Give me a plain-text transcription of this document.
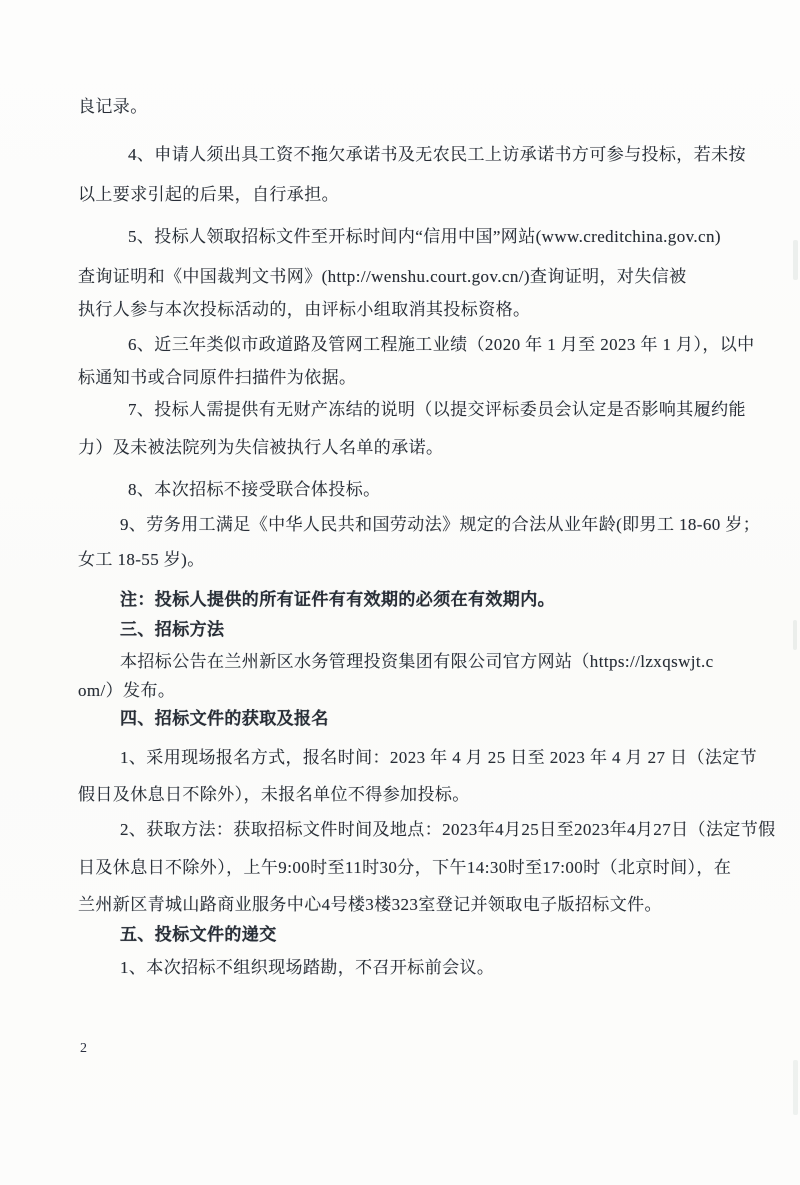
良记录。
4、申请人须出具工资不拖欠承诺书及无农民工上访承诺书方可参与投标，若未按
以上要求引起的后果，自行承担。
5、投标人领取招标文件至开标时间内“信用中国”网站(www.creditchina.gov.cn)
查询证明和《中国裁判文书网》(http://wenshu.court.gov.cn/)查询证明，对失信被
执行人参与本次投标活动的，由评标小组取消其投标资格。
6、近三年类似市政道路及管网工程施工业绩（2020 年 1 月至 2023 年 1 月），以中
标通知书或合同原件扫描件为依据。
7、投标人需提供有无财产冻结的说明（以提交评标委员会认定是否影响其履约能
力）及未被法院列为失信被执行人名单的承诺。
8、本次招标不接受联合体投标。
9、劳务用工满足《中华人民共和国劳动法》规定的合法从业年龄(即男工 18-60 岁；
女工 18-55 岁)。
注：投标人提供的所有证件有有效期的必须在有效期内。
三、招标方法
本招标公告在兰州新区水务管理投资集团有限公司官方网站（https://lzxqswjt.c
om/）发布。
四、招标文件的获取及报名
1、采用现场报名方式，报名时间：2023 年 4 月 25 日至 2023 年 4 月 27 日（法定节
假日及休息日不除外），未报名单位不得参加投标。
2、获取方法：获取招标文件时间及地点：2023年4月25日至2023年4月27日（法定节假
日及休息日不除外），上午9:00时至11时30分，下午14:30时至17:00时（北京时间），在
兰州新区青城山路商业服务中心4号楼3楼323室登记并领取电子版招标文件。
五、投标文件的递交
1、本次招标不组织现场踏勘，不召开标前会议。
2
